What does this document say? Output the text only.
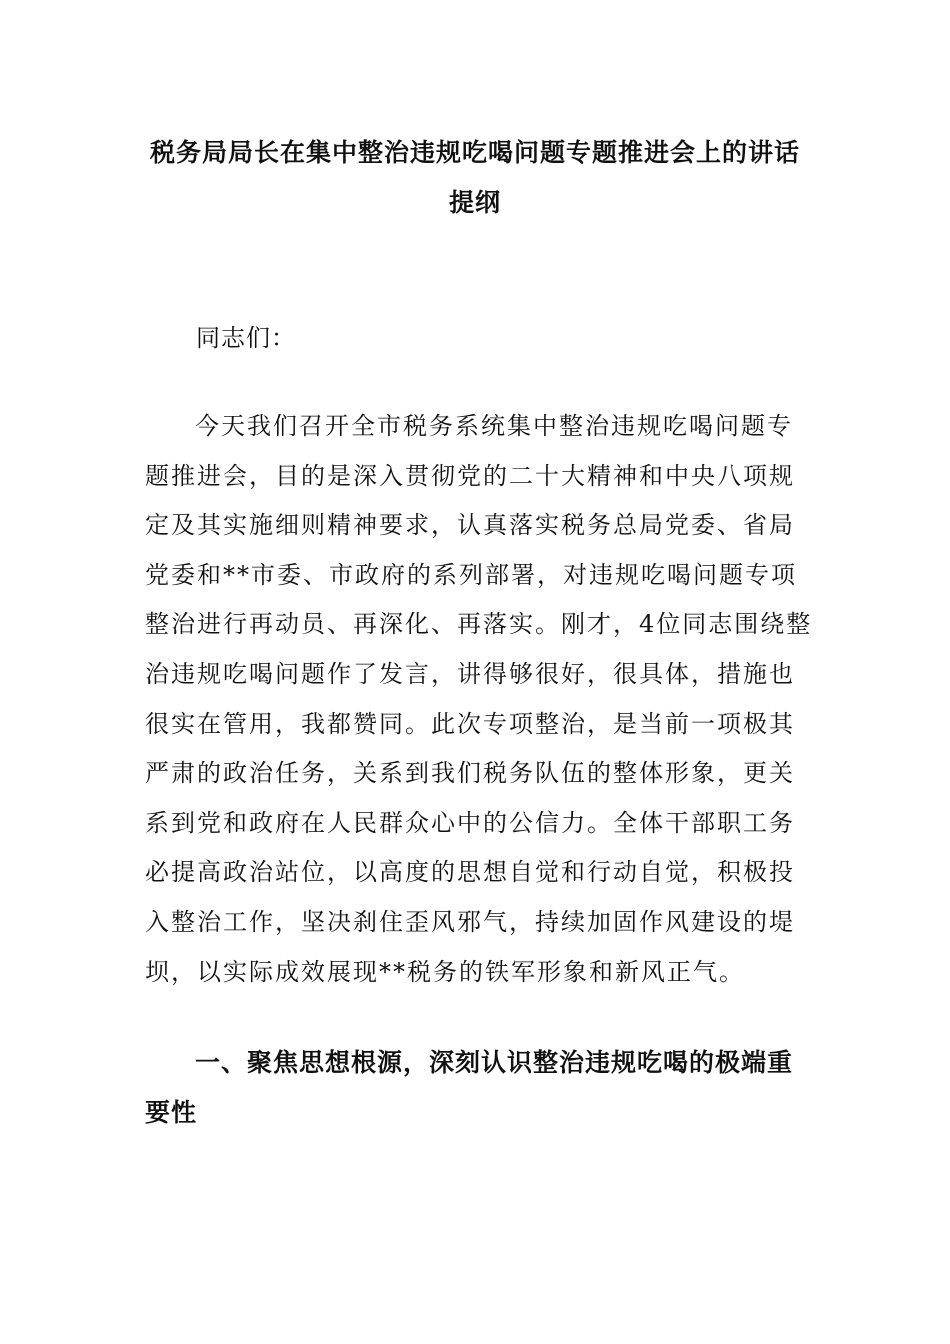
税务局局长在集中整治违规吃喝问题专题推进会上的讲话
提纲
同志们：
今天我们召开全市税务系统集中整治违规吃喝问题专
题推进会，目的是深入贯彻党的二十大精神和中央八项规
定及其实施细则精神要求，认真落实税务总局党委、省局
党委和**市委、市政府的系列部署，对违规吃喝问题专项
整治进行再动员、再深化、再落实。刚才，4位同志围绕整
治违规吃喝问题作了发言，讲得够很好，很具体，措施也
很实在管用，我都赞同。此次专项整治，是当前一项极其
严肃的政治任务，关系到我们税务队伍的整体形象，更关
系到党和政府在人民群众心中的公信力。全体干部职工务
必提高政治站位，以高度的思想自觉和行动自觉，积极投
入整治工作，坚决刹住歪风邪气，持续加固作风建设的堤
坝，以实际成效展现**税务的铁军形象和新风正气。
一、聚焦思想根源，深刻认识整治违规吃喝的极端重
要性
